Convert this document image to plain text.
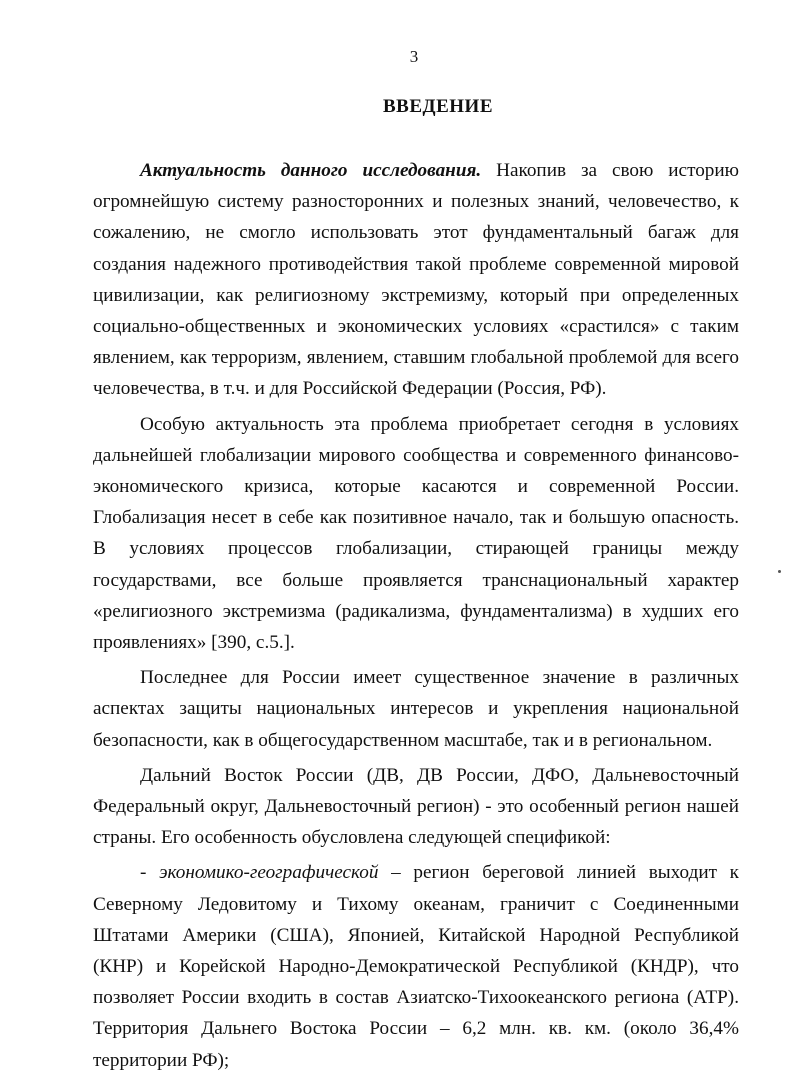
3
ВВЕДЕНИЕ

Актуальность данного исследования. Накопив за свою историю огромнейшую систему разносторонних и полезных знаний, человечество, к сожалению, не смогло использовать этот фундаментальный багаж для создания надежного противодействия такой проблеме современной мировой цивилизации, как религиозному экстремизму, который при определенных социально-общественных и экономических условиях «срастился» с таким явлением, как терроризм, явлением, ставшим глобальной проблемой для всего человечества, в т.ч. и для Российской Федерации (Россия, РФ).

Особую актуальность эта проблема приобретает сегодня в условиях дальнейшей глобализации мирового сообщества и современного финансово-экономического кризиса, которые касаются и современной России. Глобализация несет в себе как позитивное начало, так и большую опасность. В условиях процессов глобализации, стирающей границы между государствами, все больше проявляется транснациональный характер «религиозного экстремизма (радикализма, фундаментализма) в худших его проявлениях» [390, с.5.].

Последнее для России имеет существенное значение в различных аспектах защиты национальных интересов и укрепления национальной безопасности, как в общегосударственном масштабе, так и в региональном.

Дальний Восток России (ДВ, ДВ России, ДФО, Дальневосточный Федеральный округ, Дальневосточный регион) - это особенный регион нашей страны. Его особенность обусловлена следующей спецификой:

- экономико-географической – регион береговой линией выходит к Северному Ледовитому и Тихому океанам, граничит с Соединенными Штатами Америки (США), Японией, Китайской Народной Республикой (КНР) и Корейской Народно-Демократической Республикой (КНДР), что позволяет России входить в состав Азиатско-Тихоокеанского региона (АТР). Территория Дальнего Востока России – 6,2 млн. кв. км. (около 36,4% территории РФ);
